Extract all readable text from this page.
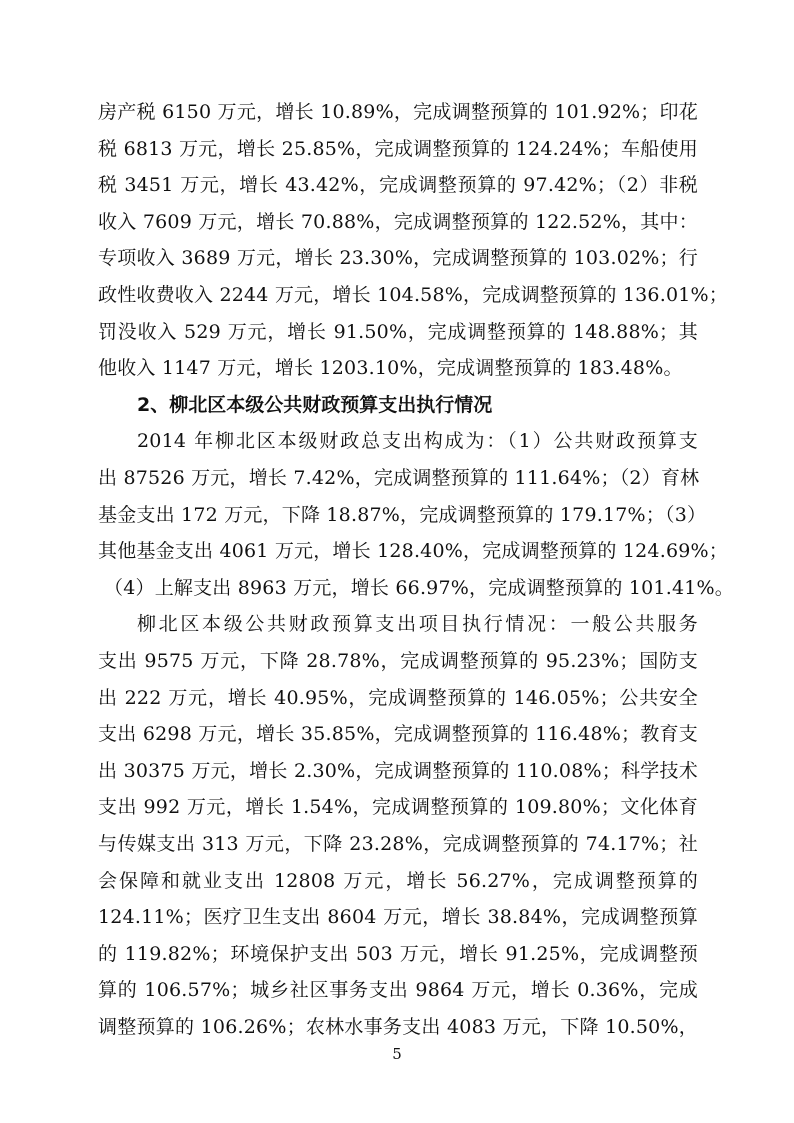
房产税 6150 万元，增长 10.89%，完成调整预算的 101.92%；印花
税 6813 万元，增长 25.85%，完成调整预算的 124.24%；车船使用
税 3451 万元，增长 43.42%，完成调整预算的 97.42%；（2）非税
收入 7609 万元，增长 70.88%，完成调整预算的 122.52%，其中：
专项收入 3689 万元，增长 23.30%，完成调整预算的 103.02%；行
政性收费收入 2244 万元，增长 104.58%，完成调整预算的 136.01%；
罚没收入 529 万元，增长 91.50%，完成调整预算的 148.88%；其
他收入 1147 万元，增长 1203.10%，完成调整预算的 183.48%。
2、柳北区本级公共财政预算支出执行情况
2014 年柳北区本级财政总支出构成为：（1）公共财政预算支
出 87526 万元，增长 7.42%，完成调整预算的 111.64%；（2）育林
基金支出 172 万元，下降 18.87%，完成调整预算的 179.17%；（3）
其他基金支出 4061 万元，增长 128.40%，完成调整预算的 124.69%；
（4）上解支出 8963 万元，增长 66.97%，完成调整预算的 101.41%。
柳北区本级公共财政预算支出项目执行情况：一般公共服务
支出 9575 万元，下降 28.78%，完成调整预算的 95.23%；国防支
出 222 万元，增长 40.95%，完成调整预算的 146.05%；公共安全
支出 6298 万元，增长 35.85%，完成调整预算的 116.48%；教育支
出 30375 万元，增长 2.30%，完成调整预算的 110.08%；科学技术
支出 992 万元，增长 1.54%，完成调整预算的 109.80%；文化体育
与传媒支出 313 万元，下降 23.28%，完成调整预算的 74.17%；社
会保障和就业支出 12808 万元，增长 56.27%，完成调整预算的
124.11%；医疗卫生支出 8604 万元，增长 38.84%，完成调整预算
的 119.82%；环境保护支出 503 万元，增长 91.25%，完成调整预
算的 106.57%；城乡社区事务支出 9864 万元，增长 0.36%，完成
调整预算的 106.26%；农林水事务支出 4083 万元，下降 10.50%，
5
